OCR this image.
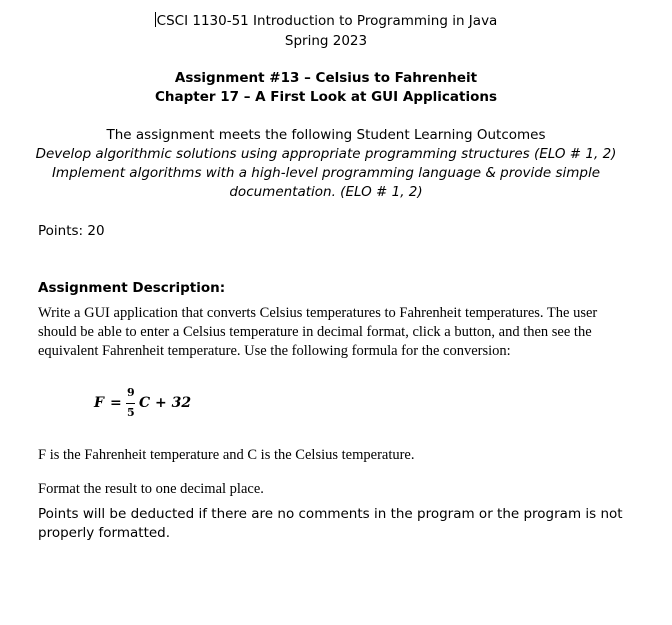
CSCI 1130-51 Introduction to Programming in Java
Spring 2023
Assignment #13 – Celsius to Fahrenheit
Chapter 17 – A First Look at GUI Applications
The assignment meets the following Student Learning Outcomes
Develop algorithmic solutions using appropriate programming structures (ELO # 1, 2)
Implement algorithms with a high-level programming language & provide simple
documentation. (ELO # 1, 2)
Points: 20
Assignment Description:
Write a GUI application that converts Celsius temperatures to Fahrenheit temperatures. The user should be able to enter a Celsius temperature in decimal format, click a button, and then see the equivalent Fahrenheit temperature. Use the following formula for the conversion:
F =
9
5
C + 32
F is the Fahrenheit temperature and C is the Celsius temperature.
Format the result to one decimal place.
Points will be deducted if there are no comments in the program or the program is not properly formatted.
